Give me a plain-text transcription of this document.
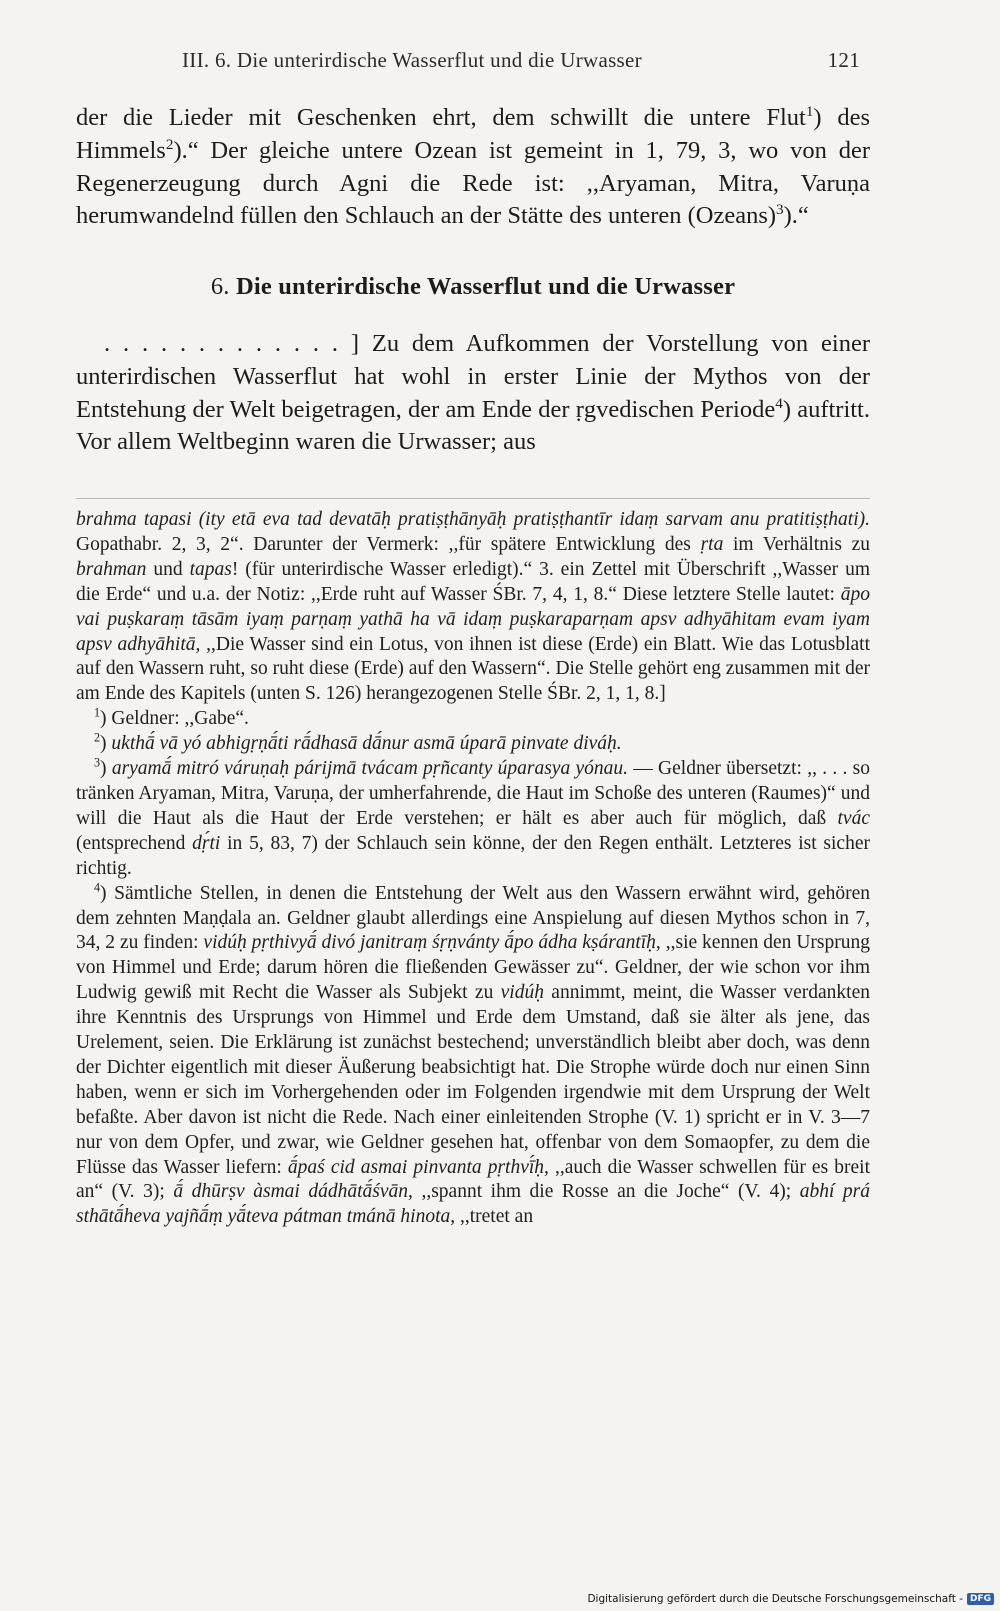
III. 6. Die unterirdische Wasserflut und die Urwasser	121

der die Lieder mit Geschenken ehrt, dem schwillt die untere Flut$^1$) des Himmels$^2$).“ Der gleiche untere Ozean ist gemeint in 1, 79, 3, wo von der Regenerzeugung durch Agni die Rede ist: ,,Aryaman, Mitra, Varuṇa herumwandelnd füllen den Schlauch an der Stätte des unteren (Ozeans)$^3$).“

6. Die unterirdische Wasserflut und die Urwasser

. . . . . . . . . . . . . ] Zu dem Aufkommen der Vorstellung von einer unterirdischen Wasserflut hat wohl in erster Linie der Mythos von der Entstehung der Welt beigetragen, der am Ende der ṛgvedischen Periode$^4$) auftritt. Vor allem Weltbeginn waren die Urwasser; aus

brahma tapasi (ity etā eva tad devatāḥ pratiṣṭhānyāḥ pratiṣṭhantīr idaṃ sarvam anu pratitiṣṭhati). Gopathabr. 2, 3, 2“. Darunter der Vermerk: ,,für spätere Entwicklung des ṛta im Verhältnis zu brahman und tapas! (für unterirdische Wasser erledigt).“ 3. ein Zettel mit Überschrift ,,Wasser um die Erde“ und u.a. der Notiz: ,,Erde ruht auf Wasser ŚBr. 7, 4, 1, 8.“ Diese letztere Stelle lautet: āpo vai puṣkaraṃ tāsām iyaṃ parṇaṃ yathā ha vā idaṃ puṣkaraparṇam apsv adhyāhitam evam iyam apsv adhyāhitā, ,,Die Wasser sind ein Lotus, von ihnen ist diese (Erde) ein Blatt. Wie das Lotusblatt auf den Wassern ruht, so ruht diese (Erde) auf den Wassern“. Die Stelle gehört eng zusammen mit der am Ende des Kapitels (unten S. 126) herangezogenen Stelle ŚBr. 2, 1, 1, 8.]

$^1$) Geldner: ,,Gabe“.

$^2$) ukthā́ vā yó abhigṛṇā́ti rā́dhasā dā́nur asmā úparā pinvate diváḥ.

$^3$) aryamā́ mitró váruṇaḥ párijmā tvácam pṛñcanty úparasya yónau. — Geldner übersetzt: ,, . . . so tränken Aryaman, Mitra, Varuṇa, der umherfahrende, die Haut im Schoße des unteren (Raumes)“ und will die Haut als die Haut der Erde verstehen; er hält es aber auch für möglich, daß tvác (entsprechend dṛ́ti in 5, 83, 7) der Schlauch sein könne, der den Regen enthält. Letzteres ist sicher richtig.

$^4$) Sämtliche Stellen, in denen die Entstehung der Welt aus den Wassern erwähnt wird, gehören dem zehnten Maṇḍala an. Geldner glaubt allerdings eine Anspielung auf diesen Mythos schon in 7, 34, 2 zu finden: vidúḥ pṛthivyā́ divó janitraṃ śṛṇvánty ā́po ádha kṣárantīḥ, ,,sie kennen den Ursprung von Himmel und Erde; darum hören die fließenden Gewässer zu“. Geldner, der wie schon vor ihm Ludwig gewiß mit Recht die Wasser als Subjekt zu vidúḥ annimmt, meint, die Wasser verdankten ihre Kenntnis des Ursprungs von Himmel und Erde dem Umstand, daß sie älter als jene, das Urelement, seien. Die Erklärung ist zunächst bestechend; unverständlich bleibt aber doch, was denn der Dichter eigentlich mit dieser Äußerung beabsichtigt hat. Die Strophe würde doch nur einen Sinn haben, wenn er sich im Vorhergehenden oder im Folgenden irgendwie mit dem Ursprung der Welt befaßte. Aber davon ist nicht die Rede. Nach einer einleitenden Strophe (V. 1) spricht er in V. 3—7 nur von dem Opfer, und zwar, wie Geldner gesehen hat, offenbar von dem Somaopfer, zu dem die Flüsse das Wasser liefern: ā́paś cid asmai pinvanta pṛthvī́ḥ, ,,auch die Wasser schwellen für es breit an“ (V. 3); ā́ dhūrṣv àsmai dádhātā́śvān, ,,spannt ihm die Rosse an die Joche“ (V. 4); abhí prá sthātā́heva yajñā́ṃ yā́teva pátman tmánā hinota, ,,tretet an

Digitalisierung gefördert durch die Deutsche Forschungsgemeinschaft - DFG
